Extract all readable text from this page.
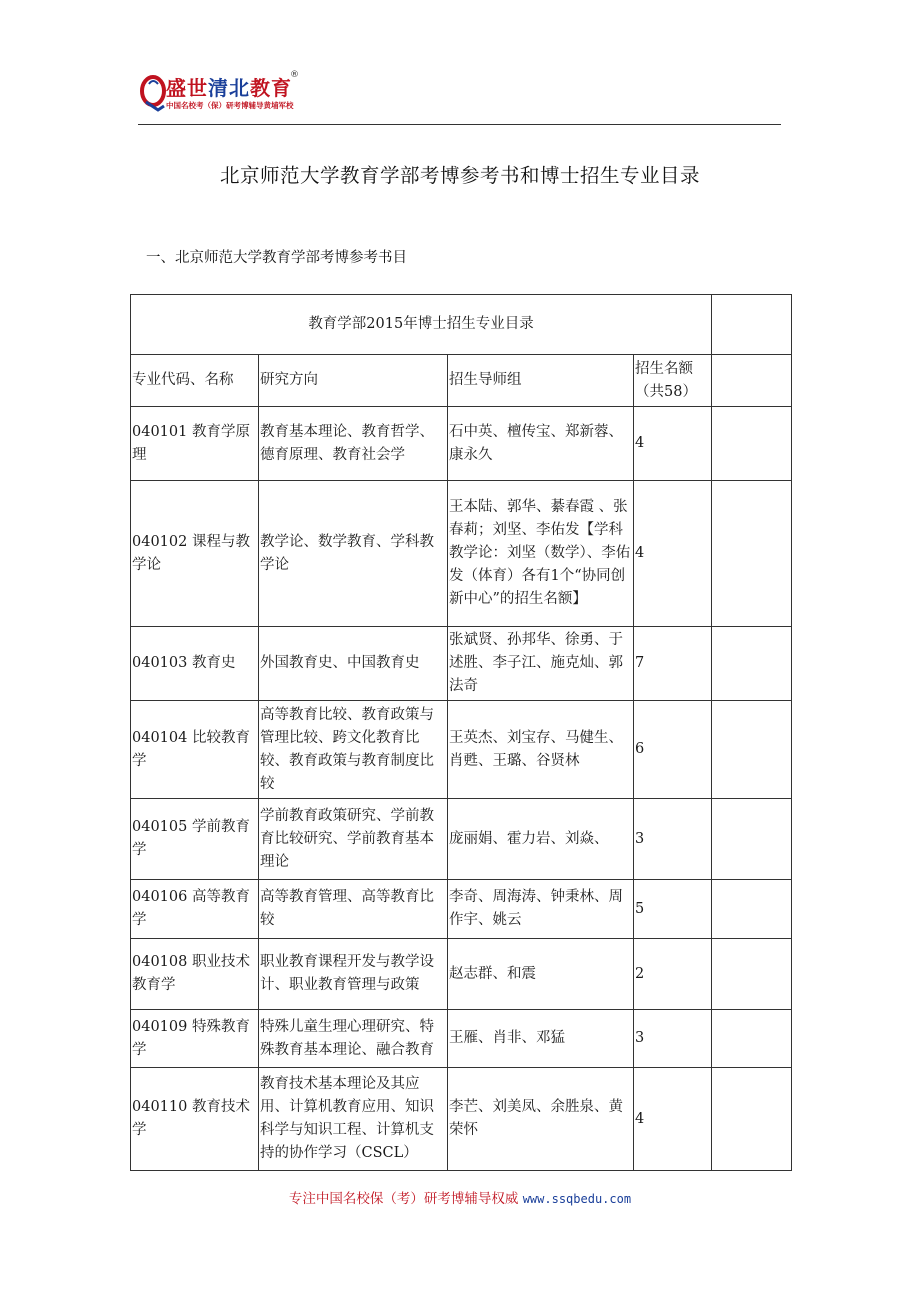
盛世清北教育
®
中国名校考（保）研考博辅导黄埔军校
北京师范大学教育学部考博参考书和博士招生专业目录
一、北京师范大学教育学部考博参考书目
教育学部2015年博士招生专业目录				
专业代码、名称	研究方向	招生导师组	招生名额（共58）	
040101 教育学原理	教育基本理论、教育哲学、德育原理、教育社会学	石中英、檀传宝、郑新蓉、康永久	4	
040102 课程与教学论	教学论、数学教育、学科教学论	王本陆、郭华、綦春霞 、张春莉；刘坚、李佑发【学科教学论：刘坚（数学）、李佑发（体育）各有1个“协同创新中心”的招生名额】	4	
040103 教育史	外国教育史、中国教育史	张斌贤、孙邦华、徐勇、于述胜、李子江、施克灿、郭法奇	7	
040104 比较教育学	高等教育比较、教育政策与管理比较、跨文化教育比较、教育政策与教育制度比较	王英杰、刘宝存、马健生、肖甦、王璐、谷贤林	6	
040105 学前教育学	学前教育政策研究、学前教育比较研究、学前教育基本理论	庞丽娟、霍力岩、刘焱、	3	
040106 高等教育学	高等教育管理、高等教育比较	李奇、周海涛、钟秉林、周作宇、姚云	5	
040108 职业技术教育学	职业教育课程开发与教学设计、职业教育管理与政策	赵志群、和震	2	
040109 特殊教育学	特殊儿童生理心理研究、特殊教育基本理论、融合教育	王雁、肖非、邓猛	3	
040110 教育技术学	教育技术基本理论及其应用、计算机教育应用、知识科学与知识工程、计算机支持的协作学习（CSCL）	李芒、刘美凤、余胜泉、黄荣怀	4	
专注中国名校保（考）研考博辅导权威 www.ssqbedu.com
